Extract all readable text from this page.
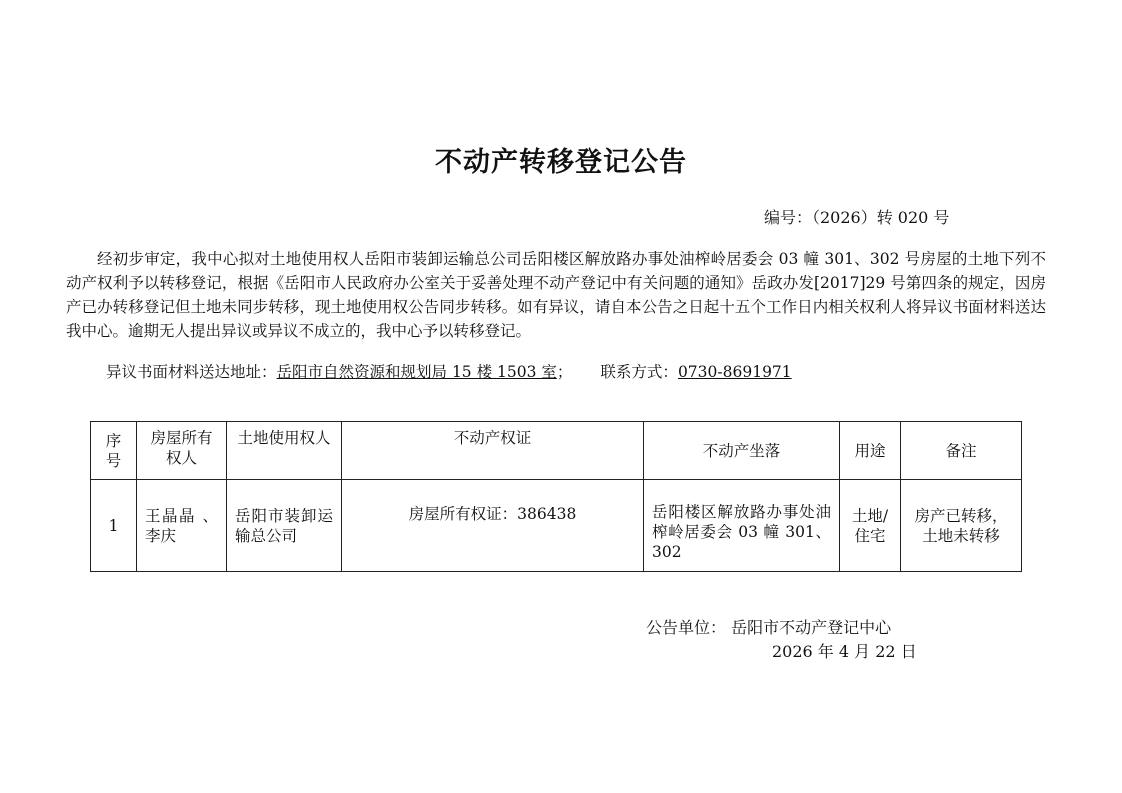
不动产转移登记公告
编号：（2026）转 020 号

经初步审定，我中心拟对土地使用权人岳阳市装卸运输总公司岳阳楼区解放路办事处油榨岭居委会 03 幢 301、302 号房屋的土地下列不动产权利予以转移登记，根据《岳阳市人民政府办公室关于妥善处理不动产登记中有关问题的通知》岳政办发[2017]29 号第四条的规定，因房产已办转移登记但土地未同步转移，现土地使用权公告同步转移。如有异议，请自本公告之日起十五个工作日内相关权利人将异议书面材料送达我中心。逾期无人提出异议或异议不成立的，我中心予以转移登记。

异议书面材料送达地址：岳阳市自然资源和规划局 15 楼 1503 室； 联系方式：0730-8691971
序号	房屋所有权人	土地使用权人	不动产权证	不动产坐落	用途	备注
1	王晶晶 、李庆	岳阳市装卸运输总公司	房屋所有权证：386438	岳阳楼区解放路办事处油榨岭居委会 03 幢 301、302	土地/住宅	房产已转移，土地未转移
公告单位： 岳阳市不动产登记中心
2026 年 4 月 22 日
